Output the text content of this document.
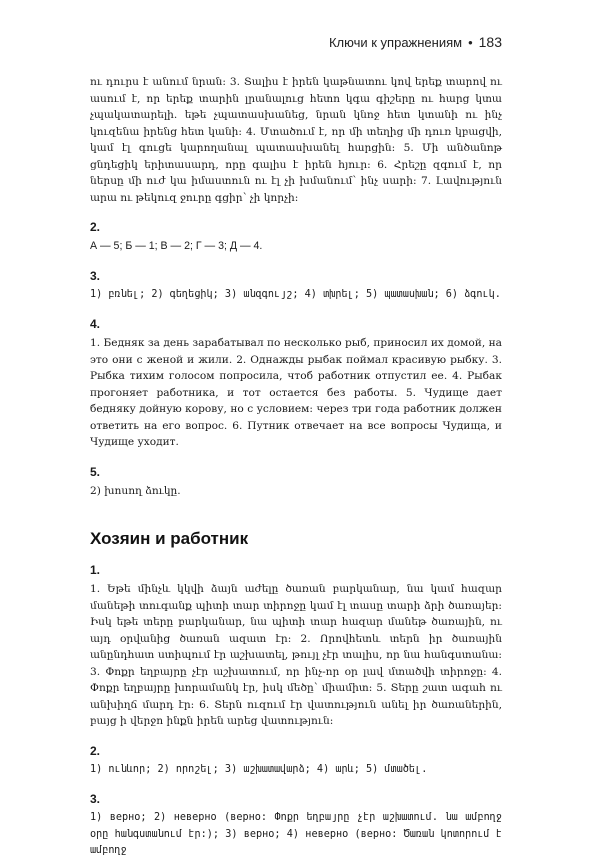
Ключи к упражнениям • 183

ու դուրս է անում նրան: 3. Տալիս է իրեն կաթնատու կով երեք տարով ու ասում է, որ երեք տարին լրանալուց հետո կգա գիշերը ու հարց կտա չպակատարելի. եթե չպատասխանեց, նրան կնոջ հետ կտանի ու ինչ կուզենա իրենց հետ կանի: 4. Մտածում է, որ մի տեղից մի դուռ կբացվի, կամ էլ գուցե կարողանալ պատասխանել հարցին: 5. Մի անծանոթ ցնդեցիկ երիտասարդ, որը գալիս է իրեն հյուր: 6. Հրեշը զգում է, որ ներսը մի ուժ կա իմաստուն ու էլ չի խմանում՝ ինչ սարի: 7. Լավություն արա ու թեկուզ ջուրը գցիր՝ չի կորչի:

2.

А — 5; Б — 1; В — 2; Г — 3; Д — 4.

3.

1) բռնել; 2) գեղեցիկ; 3) անզգույշ; 4) տխրել; 5) պատասխան; 6) ձգուկ.

4.

1. Бедняк за день зарабатывал по несколько рыб, приносил их домой, на это они с женой и жили. 2. Однажды рыбак поймал красивую рыбку. 3. Рыбка тихим голосом попросила, чтоб работник отпустил ее. 4. Рыбак прогоняет работника, и тот остается без работы. 5. Чудище дает бедняку дойную корову, но с условием: через три года работник должен ответить на его вопрос. 6. Путник отвечает на все вопросы Чудища, и Чудище уходит.

5.

2) խոսող ձուկը.

Хозяин и работник
1.

1. Եթե մինչև կկվի ձայն աժելը ծառան բարկանար, նա կամ հազար մանեթի տուգանք պիտի տար տիրոջը կամ էլ տասը տարի ձրի ծառայեր: Իսկ եթե տերը բարկանար, նա պիտի տար հազար մանեթ ծառային, ու այդ օրվանից ծառան ազատ էր: 2. Որովհետև տերն իր ծառային անընդհատ ստիպում էր աշխատել, թույլ չէր տալիս, որ նա հանգստանա: 3. Փոքր եղբայրը չէր աշխատում, որ ինչ-որ օր լավ մտածվի տիրոջը: 4. Փոքր եղբայրը խորամանկ էր, իսկ մեծը՝ միամիտ: 5. Տերը շատ ագահ ու անխիղճ մարդ էր: 6. Տերն ուզում էր վատություն անել իր ծառաներին, բայց ի վերջո ինքն իրեն արեց վատություն:

2.

1) ունևոր; 2) որոշել; 3) աշխատավարձ; 4) արև; 5) մտածել.

3.

1) верно; 2) неверно (верно: Փոքր եղբայրը չէր աշխատում. նա ամբողջ օրը հանգստանում էր:); 3) верно; 4) неверно (верно: Ծառան կոտորում է ամբողջ
